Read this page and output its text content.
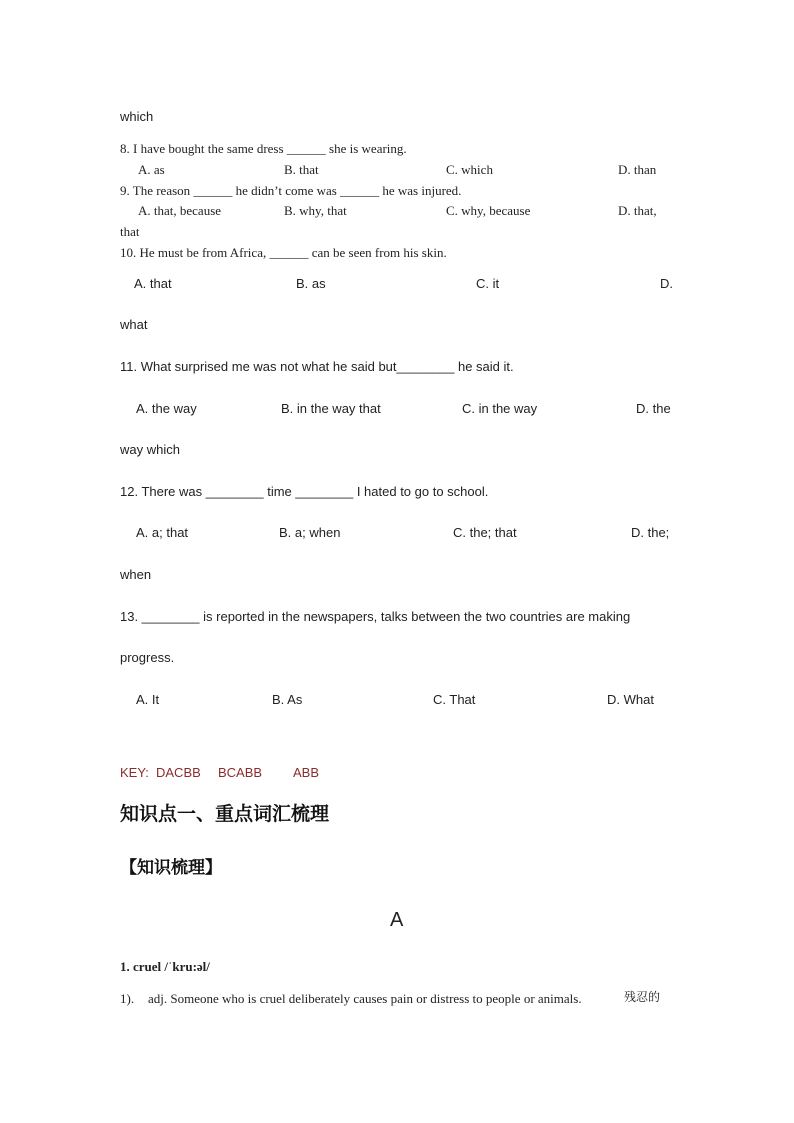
which
8. I have bought the same dress ______ she is wearing.
A. as	B. that	C. which	D. than
9. The reason ______ he didn’t come was ______ he was injured.
A. that, because	B. why, that	C. why, because	D. that,
that
10. He must be from Africa, ______ can be seen from his skin.
A. that	B. as	C. it	D.
what
11. What surprised me was not what he said but________ he said it.
A. the way	B. in the way that	C. in the way	D. the
way which
12. There was ________ time ________ I hated to go to school.
A. a; that	B. a; when	C. the; that	D. the;
when
13. ________ is reported in the newspapers, talks between the two countries are making
progress.
A. It	B. As	C. That	D. What
KEY: DACBB BCABB ABB
知识点一、重点词汇梳理
【知识梳理】
A
1. cruel /ˈkru:əl/
1). adj. Someone who is cruel deliberately causes pain or distress to people or animals.	残忍的
